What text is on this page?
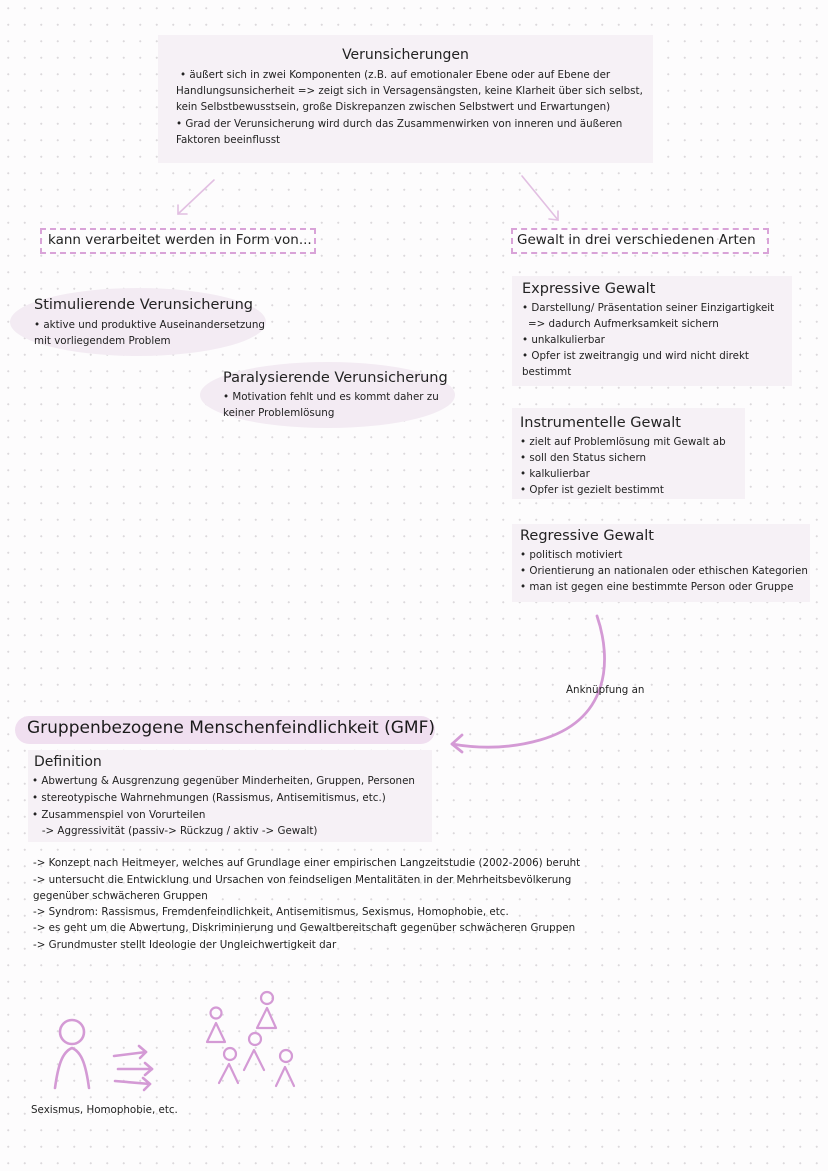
Verunsicherungen
• äußert sich in zwei Komponenten (z.B. auf emotionaler Ebene oder auf Ebene der
Handlungsunsicherheit => zeigt sich in Versagensängsten, keine Klarheit über sich selbst,
kein Selbstbewusstsein, große Diskrepanzen zwischen Selbstwert und Erwartungen)
• Grad der Verunsicherung wird durch das Zusammenwirken von inneren und äußeren
Faktoren beeinflusst
kann verarbeitet werden in Form von...	Gewalt in drei verschiedenen Arten
Stimulierende Verunsicherung
• aktive und produktive Auseinandersetzung
mit vorliegendem Problem
Paralysierende Verunsicherung
• Motivation fehlt und es kommt daher zu
keiner Problemlösung
Expressive Gewalt
• Darstellung/ Präsentation seiner Einzigartigkeit
=> dadurch Aufmerksamkeit sichern
• unkalkulierbar
• Opfer ist zweitrangig und wird nicht direkt
bestimmt
Instrumentelle Gewalt
• zielt auf Problemlösung mit Gewalt ab
• soll den Status sichern
• kalkulierbar
• Opfer ist gezielt bestimmt
Regressive Gewalt
• politisch motiviert
• Orientierung an nationalen oder ethischen Kategorien
• man ist gegen eine bestimmte Person oder Gruppe
Anknüpfung an
Gruppenbezogene Menschenfeindlichkeit (GMF)
Definition
• Abwertung & Ausgrenzung gegenüber Minderheiten, Gruppen, Personen
• stereotypische Wahrnehmungen (Rassismus, Antisemitismus, etc.)
• Zusammenspiel von Vorurteilen
-> Aggressivität (passiv-> Rückzug / aktiv -> Gewalt)
-> Konzept nach Heitmeyer, welches auf Grundlage einer empirischen Langzeitstudie (2002-2006) beruht
-> untersucht die Entwicklung und Ursachen von feindseligen Mentalitäten in der Mehrheitsbevölkerung
gegenüber schwächeren Gruppen
-> Syndrom: Rassismus, Fremdenfeindlichkeit, Antisemitismus, Sexismus, Homophobie, etc.
-> es geht um die Abwertung, Diskriminierung und Gewaltbereitschaft gegenüber schwächeren Gruppen
-> Grundmuster stellt Ideologie der Ungleichwertigkeit dar
Sexismus, Homophobie, etc.
